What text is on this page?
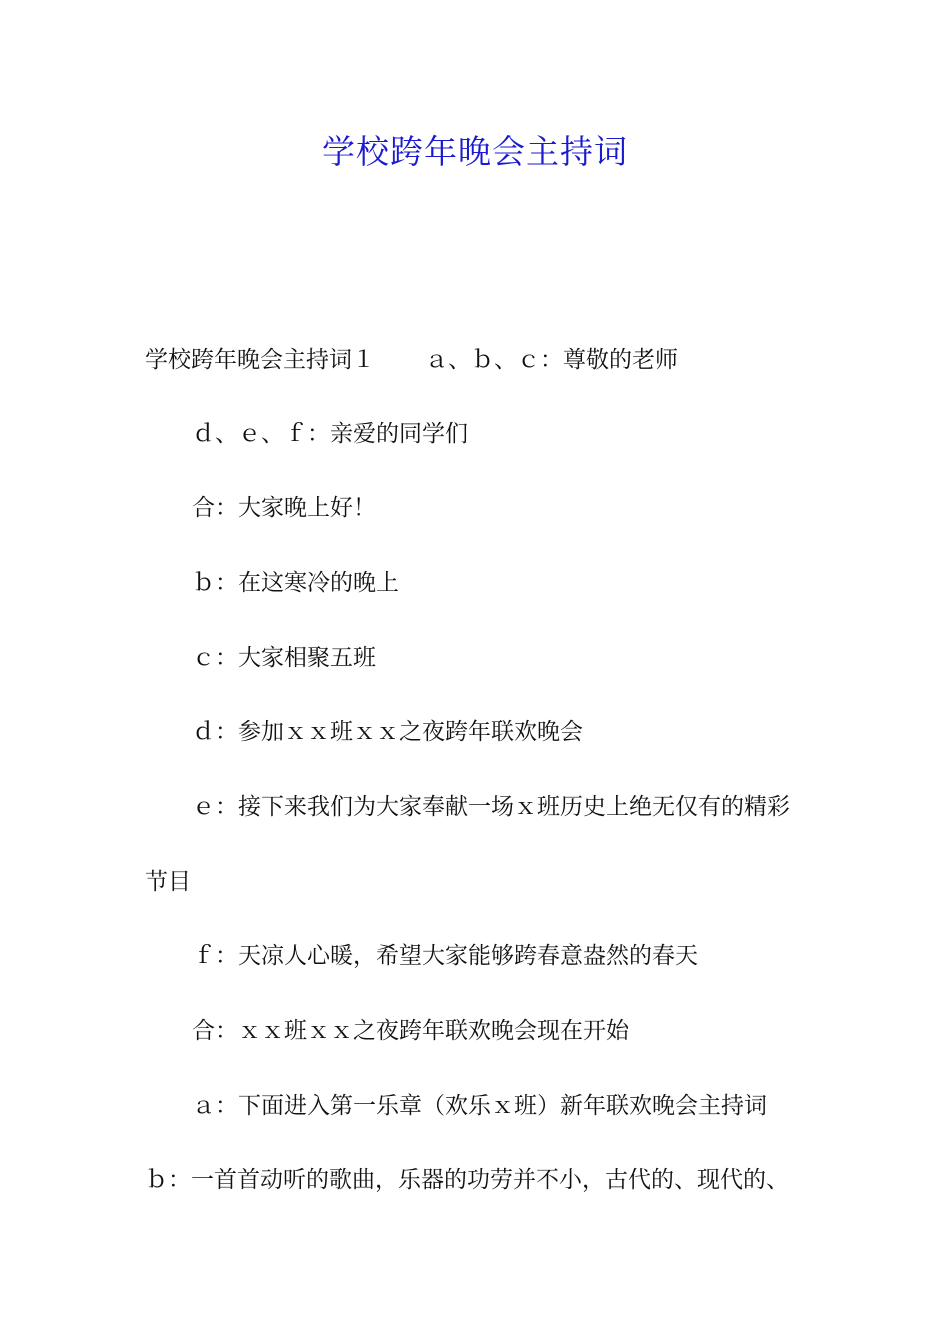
学校跨年晚会主持词
学校跨年晚会主持词１ ａ、ｂ、ｃ：尊敬的老师
ｄ、ｅ、ｆ：亲爱的同学们
合：大家晚上好！
ｂ：在这寒冷的晚上
ｃ：大家相聚五班
ｄ：参加ｘｘ班ｘｘ之夜跨年联欢晚会
ｅ：接下来我们为大家奉献一场ｘ班历史上绝无仅有的精彩
节目
ｆ：天凉人心暖，希望大家能够跨春意盎然的春天
合：ｘｘ班ｘｘ之夜跨年联欢晚会现在开始
ａ：下面进入第一乐章（欢乐ｘ班）新年联欢晚会主持词
ｂ：一首首动听的歌曲，乐器的功劳并不小，古代的、现代的、
